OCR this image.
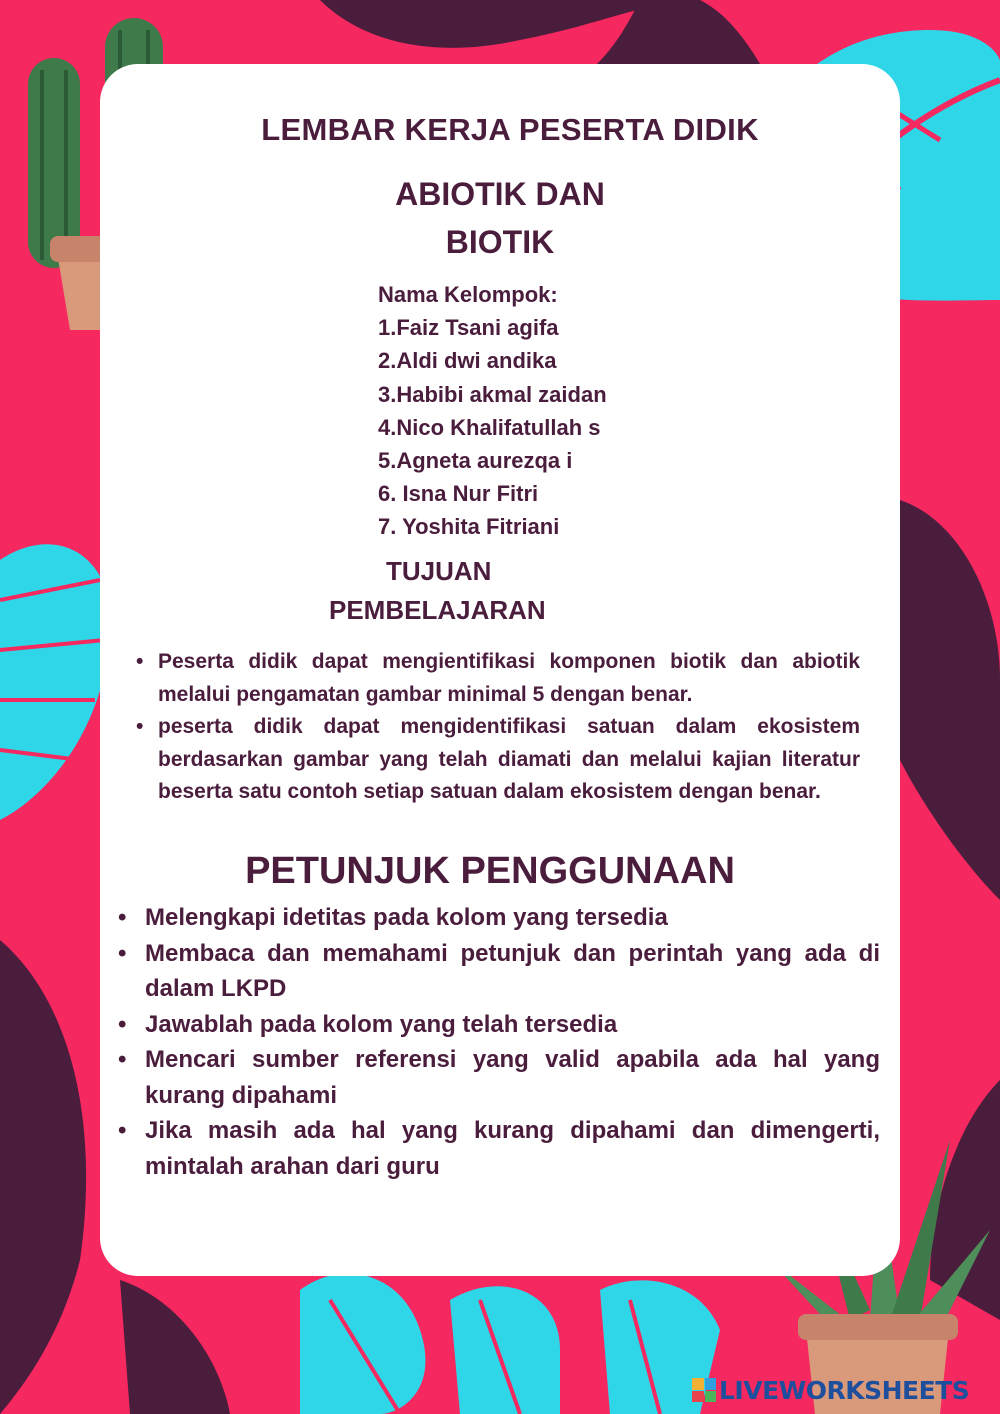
LEMBAR KERJA PESERTA DIDIK
ABIOTIK DAN
BIOTIK
Nama Kelompok:
1.Faiz Tsani agifa
2.Aldi dwi andika
3.Habibi akmal zaidan
4.Nico Khalifatullah s
5.Agneta aurezqa i
6. Isna Nur Fitri
7. Yoshita Fitriani
TUJUAN
PEMBELAJARAN
• Peserta didik dapat mengientifikasi komponen biotik dan abiotik melalui pengamatan gambar minimal 5 dengan benar.
• peserta didik dapat mengidentifikasi satuan dalam ekosistem berdasarkan gambar yang telah diamati dan melalui kajian literatur beserta satu contoh setiap satuan dalam ekosistem dengan benar.
PETUNJUK PENGGUNAAN
• Melengkapi idetitas pada kolom yang tersedia
• Membaca dan memahami petunjuk dan perintah yang ada di dalam LKPD
• Jawablah pada kolom yang telah tersedia
• Mencari sumber referensi yang valid apabila ada hal yang kurang dipahami
• Jika masih ada hal yang kurang dipahami dan dimengerti, mintalah arahan dari guru
LIVEWORKSHEETS
